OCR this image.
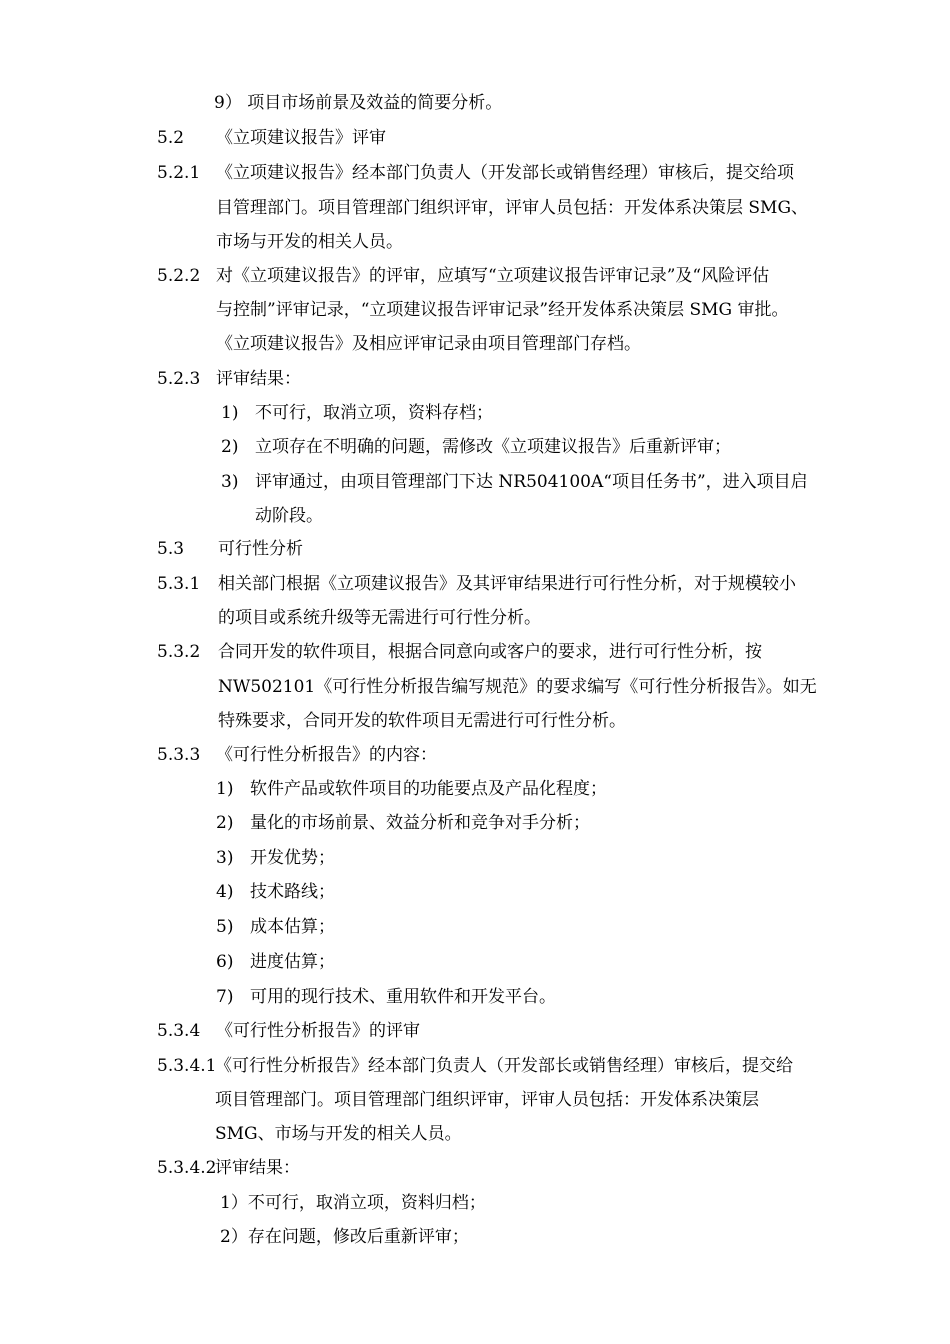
9） 项目市场前景及效益的简要分析。
5.2 《立项建议报告》评审
5.2.1 《立项建议报告》经本部门负责人（开发部长或销售经理）审核后，提交给项
目管理部门。项目管理部门组织评审，评审人员包括：开发体系决策层 SMG、
市场与开发的相关人员。
5.2.2 对《立项建议报告》的评审，应填写“立项建议报告评审记录”及“风险评估
与控制”评审记录，“立项建议报告评审记录”经开发体系决策层 SMG 审批。
《立项建议报告》及相应评审记录由项目管理部门存档。
5.2.3 评审结果：
1) 不可行，取消立项，资料存档；
2) 立项存在不明确的问题，需修改《立项建议报告》后重新评审；
3) 评审通过，由项目管理部门下达 NR504100A“项目任务书”，进入项目启
动阶段。
5.3 可行性分析
5.3.1 相关部门根据《立项建议报告》及其评审结果进行可行性分析，对于规模较小
的项目或系统升级等无需进行可行性分析。
5.3.2 合同开发的软件项目，根据合同意向或客户的要求，进行可行性分析，按
NW502101《可行性分析报告编写规范》的要求编写《可行性分析报告》。如无
特殊要求，合同开发的软件项目无需进行可行性分析。
5.3.3 《可行性分析报告》的内容：
1) 软件产品或软件项目的功能要点及产品化程度；
2) 量化的市场前景、效益分析和竞争对手分析；
3) 开发优势；
4) 技术路线；
5) 成本估算；
6) 进度估算；
7) 可用的现行技术、重用软件和开发平台。
5.3.4 《可行性分析报告》的评审
5.3.4.1
《可行性分析报告》经本部门负责人（开发部长或销售经理）审核后，提交给
项目管理部门。项目管理部门组织评审，评审人员包括：开发体系决策层
SMG、市场与开发的相关人员。
5.3.4.2
评审结果：
1）不可行，取消立项，资料归档；
2）存在问题，修改后重新评审；
